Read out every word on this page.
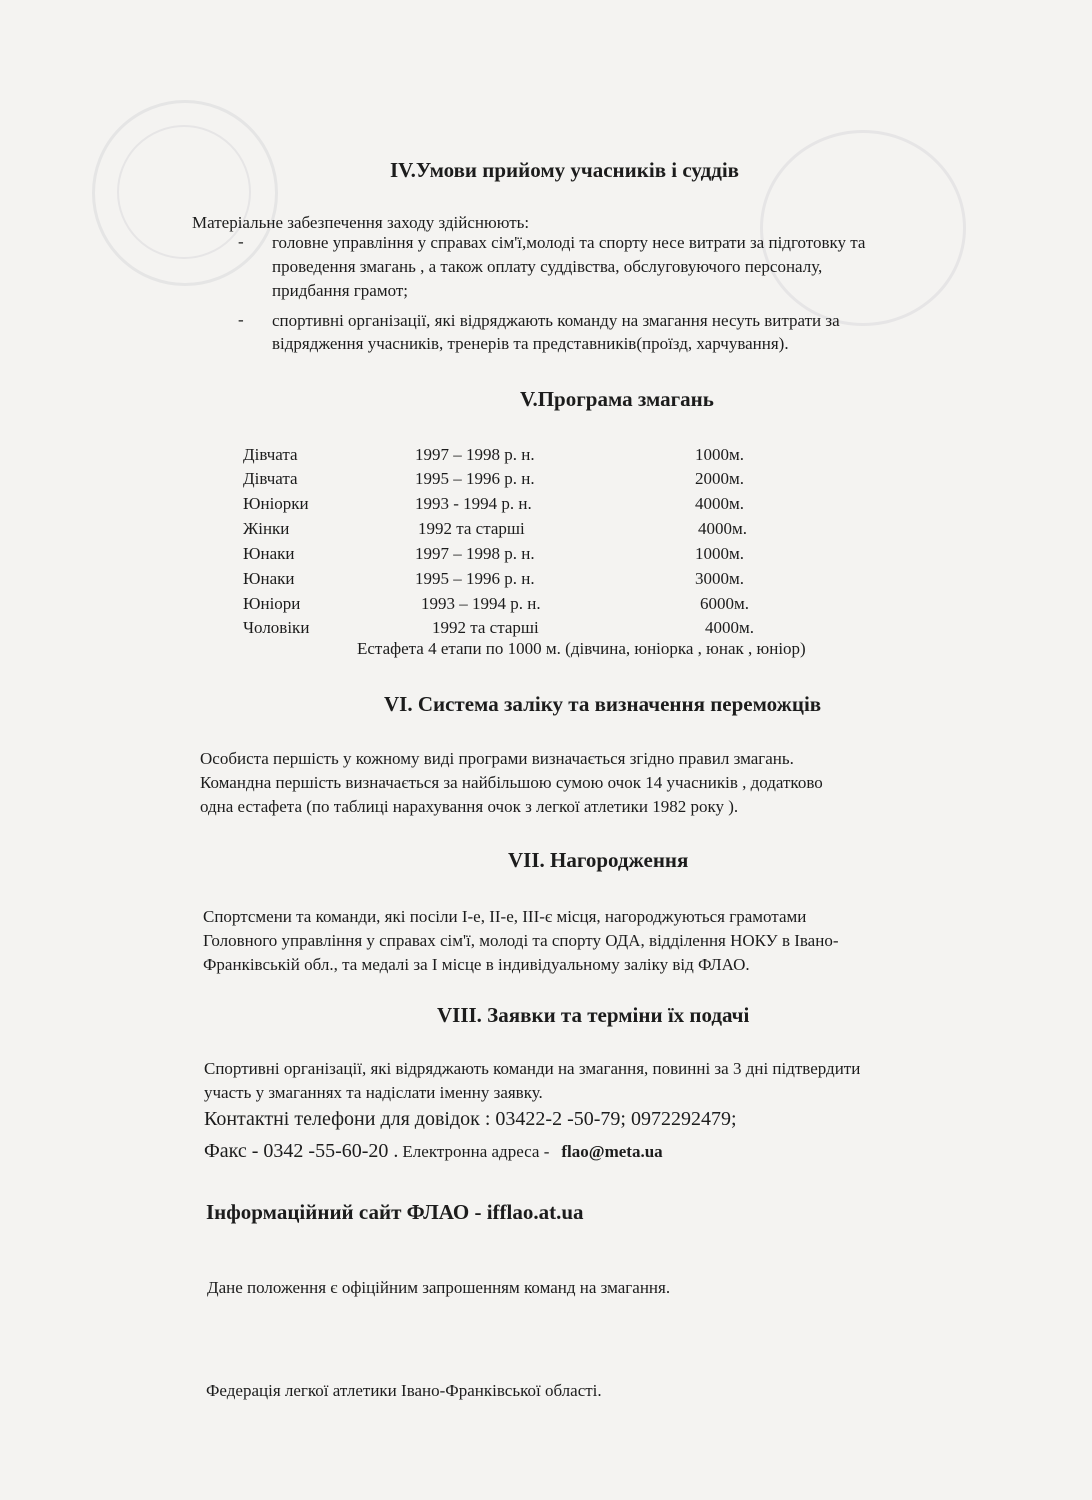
IV.Умови прийому учасників і суддів
Матеріальне забезпечення заходу здійснюють:
- головне управління у справах сім'ї,молоді та спорту несе витрати за підготовку та
проведення змагань , а також оплату суддівства, обслуговуючого персоналу,
придбання грамот;
- спортивні організації, які відряджають команду на змагання несуть витрати за
відрядження учасників, тренерів та представників(проїзд, харчування).
V.Програма змагань
Дівчата	1997 – 1998 р. н.	1000м.
Дівчата	1995 – 1996 р. н.	2000м.
Юніорки	1993 - 1994 р. н.	4000м.
Жінки	1992 та старші	4000м.
Юнаки	1997 – 1998 р. н.	1000м.
Юнаки	1995 – 1996 р. н.	3000м.
Юніори	1993 – 1994 р. н.	6000м.
Чоловіки	1992 та старші	4000м.
Естафета 4 етапи по 1000 м. (дівчина, юніорка , юнак , юніор)
VI. Система заліку та визначення переможців
Особиста першість у кожному виді програми визначається згідно правил змагань.
Командна першість визначається за найбільшою сумою очок 14 учасників , додатково
одна естафета (по таблиці нарахування очок з легкої атлетики 1982 року ).
VII. Нагородження
Спортсмени та команди, які посіли І-е, ІІ-е, ІІІ-є місця, нагороджуються грамотами
Головного управління у справах сім'ї, молоді та спорту ОДА, відділення НОКУ в Івано-
Франківській обл., та медалі за І місце в індивідуальному заліку від ФЛАО.
VIII. Заявки та терміни їх подачі
Спортивні організації, які відряджають команди на змагання, повинні за 3 дні підтвердити
участь у змаганнях та надіслати іменну заявку.
Контактні телефони для довідок : 03422-2 -50-79; 0972292479;
Факс - 0342 -55-60-20 . Електронна адреса - flao@meta.ua
Інформаційний сайт ФЛАО - ifflao.at.ua
Дане положення є офіційним запрошенням команд на змагання.
Федерація легкої атлетики Івано-Франківської області.
